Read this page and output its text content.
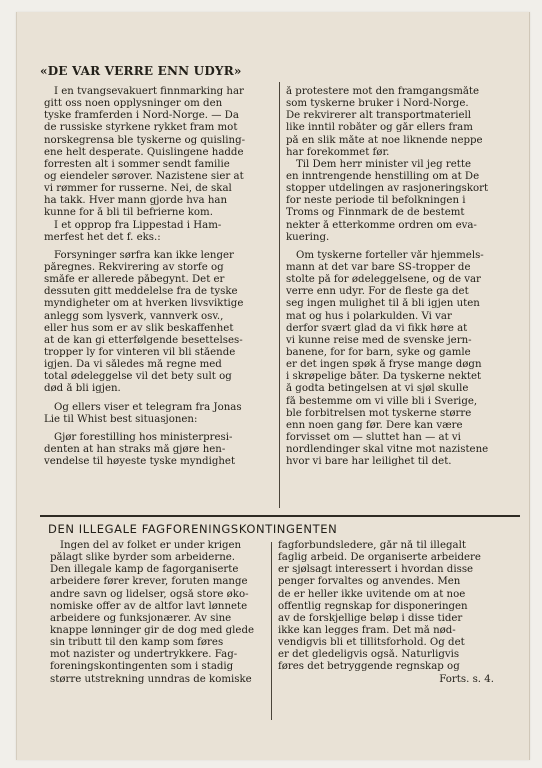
«DE VAR VERRE ENN UDYR»
I en tvangsevakuert finnmarking har
gitt oss noen opplysninger om den
tyske framferden i Nord-Norge. — Da
de russiske styrkene rykket fram mot
norskegrensa ble tyskerne og quisling-
ene helt desperate. Quislingene hadde
forresten alt i sommer sendt familie
og eiendeler sørover. Nazistene sier at
vi rømmer for russerne. Nei, de skal
ha takk. Hver mann gjorde hva han
kunne for å bli til befrierne kom.
I et opprop fra Lippestad i Ham-
merfest het det f. eks.:
Forsyninger sørfra kan ikke lenger
påregnes. Rekvirering av storfe og
småfe er allerede påbegynt. Det er
dessuten gitt meddelelse fra de tyske
myndigheter om at hverken livsviktige
anlegg som lysverk, vannverk osv.,
eller hus som er av slik beskaffenhet
at de kan gi etterfølgende besettelses-
tropper ly for vinteren vil bli stående
igjen. Da vi således må regne med
total ødeleggelse vil det bety sult og
død å bli igjen.
Og ellers viser et telegram fra Jonas
Lie til Whist best situasjonen:
Gjør forestilling hos ministerpresi-
denten at han straks må gjøre hen-
vendelse til høyeste tyske myndighet
å protestere mot den framgangsmåte
som tyskerne bruker i Nord-Norge.
De rekvirerer alt transportmateriell
like inntil robåter og går ellers fram
på en slik måte at noe liknende neppe
har forekommet før.
Til Dem herr minister vil jeg rette
en inntrengende henstilling om at De
stopper utdelingen av rasjoneringskort
for neste periode til befolkningen i
Troms og Finnmark de de bestemt
nekter å etterkomme ordren om eva-
kuering.
Om tyskerne forteller vår hjemmels-
mann at det var bare SS-tropper de
stolte på for ødeleggelsene, og de var
verre enn udyr. For de fleste ga det
seg ingen mulighet til å bli igjen uten
mat og hus i polarkulden. Vi var
derfor svært glad da vi fikk høre at
vi kunne reise med de svenske jern-
banene, for for barn, syke og gamle
er det ingen spøk å fryse mange døgn
i skrøpelige båter. Da tyskerne nektet
å godta betingelsen at vi sjøl skulle
få bestemme om vi ville bli i Sverige,
ble forbitrelsen mot tyskerne større
enn noen gang før. Dere kan være
forvisset om — sluttet han — at vi
nordlendinger skal vitne mot nazistene
hvor vi bare har leilighet til det.
DEN ILLEGALE FAGFORENINGSKONTINGENTEN
Ingen del av folket er under krigen
pålagt slike byrder som arbeiderne.
Den illegale kamp de fagorganiserte
arbeidere fører krever, foruten mange
andre savn og lidelser, også store øko-
nomiske offer av de altfor lavt lønnete
arbeidere og funksjonærer. Av sine
knappe lønninger gir de dog med glede
sin tributt til den kamp som føres
mot nazister og undertrykkere. Fag-
foreningskontingenten som i stadig
større utstrekning unndras de komiske
fagforbundsledere, går nå til illegalt
faglig arbeid. De organiserte arbeidere
er sjølsagt interessert i hvordan disse
penger forvaltes og anvendes. Men
de er heller ikke uvitende om at noe
offentlig regnskap for disponeringen
av de forskjellige beløp i disse tider
ikke kan legges fram. Det må nød-
vendigvis bli et tillitsforhold. Og det
er det gledeligvis også. Naturligvis
føres det betryggende regnskap og
Forts. s. 4.
